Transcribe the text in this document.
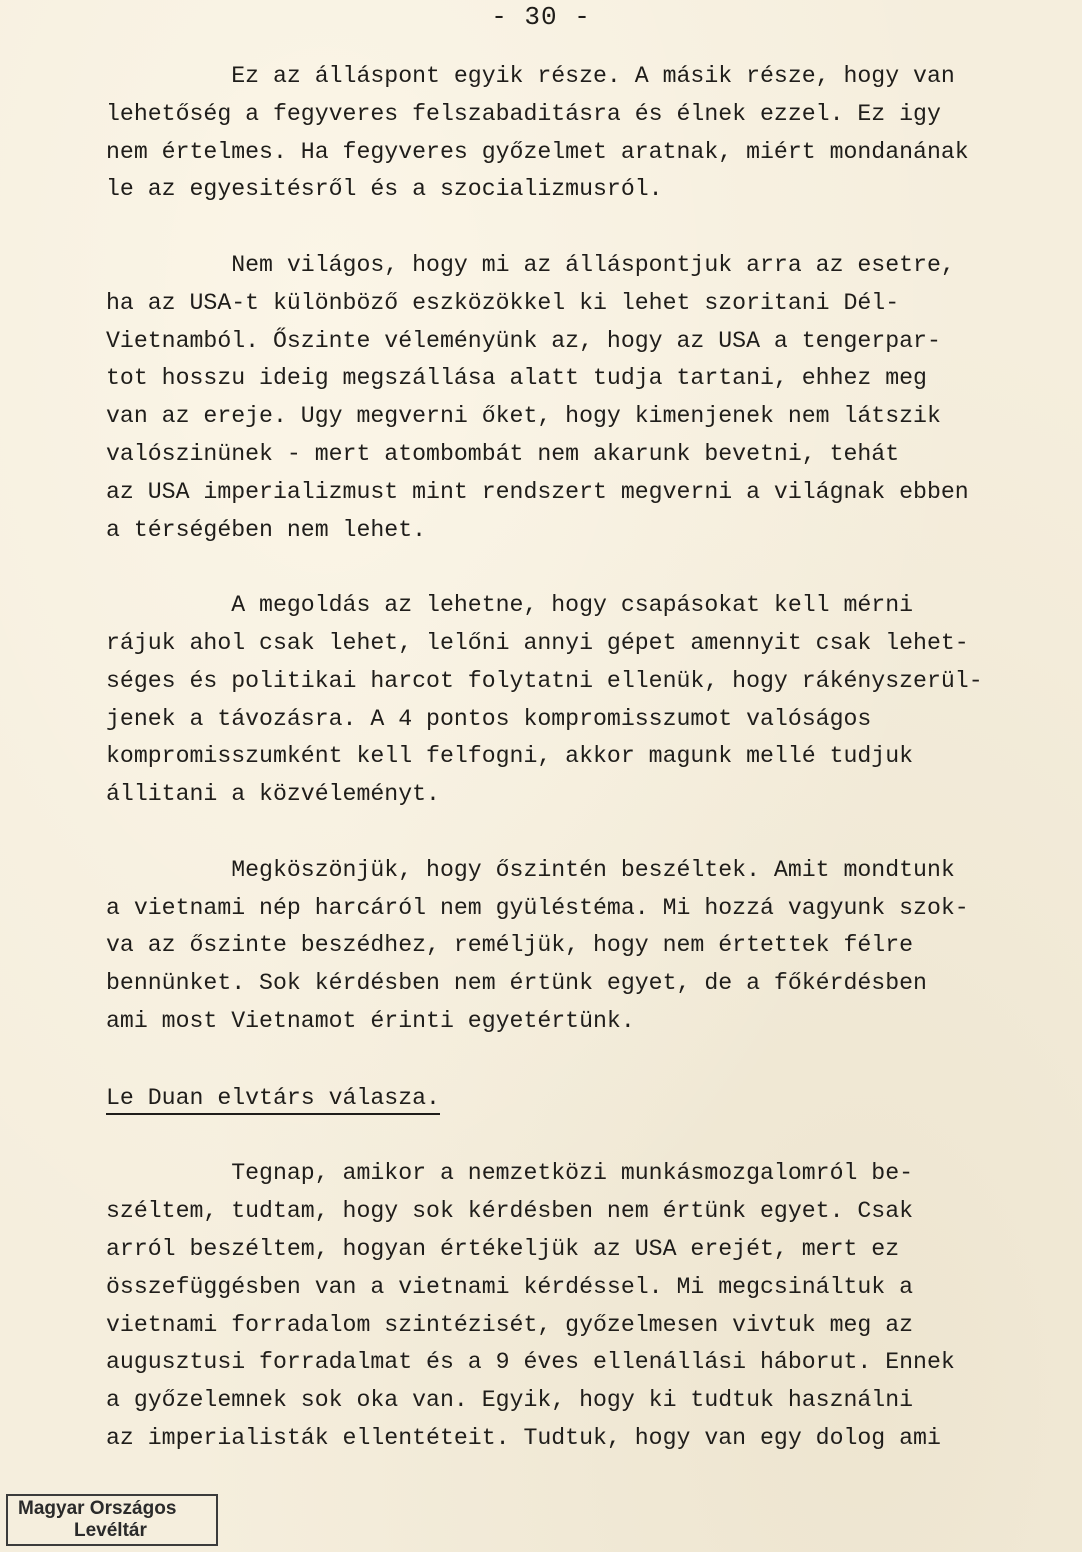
- 30 -
Ez az álláspont egyik része. A másik része, hogy van
lehetőség a fegyveres felszabaditásra és élnek ezzel. Ez igy
nem értelmes. Ha fegyveres győzelmet aratnak, miért mondanának
le az egyesitésről és a szocializmusról.
Nem világos, hogy mi az álláspontjuk arra az esetre,
ha az USA-t különböző eszközökkel ki lehet szoritani Dél-
Vietnamból. Őszinte véleményünk az, hogy az USA a tengerpar-
tot hosszu ideig megszállása alatt tudja tartani, ehhez meg
van az ereje. Ugy megverni őket, hogy kimenjenek nem látszik
valószinünek - mert atombombát nem akarunk bevetni, tehát
az USA imperializmust mint rendszert megverni a világnak ebben
a térségében nem lehet.
A megoldás az lehetne, hogy csapásokat kell mérni
rájuk ahol csak lehet, lelőni annyi gépet amennyit csak lehet-
séges és politikai harcot folytatni ellenük, hogy rákényszerül-
jenek a távozásra. A 4 pontos kompromisszumot valóságos
kompromisszumként kell felfogni, akkor magunk mellé tudjuk
állitani a közvéleményt.
Megköszönjük, hogy őszintén beszéltek. Amit mondtunk
a vietnami nép harcáról nem gyüléstéma. Mi hozzá vagyunk szok-
va az őszinte beszédhez, reméljük, hogy nem értettek félre
bennünket. Sok kérdésben nem értünk egyet, de a főkérdésben
ami most Vietnamot érinti egyetértünk.
Le Duan elvtárs válasza.
Tegnap, amikor a nemzetközi munkásmozgalomról be-
széltem, tudtam, hogy sok kérdésben nem értünk egyet. Csak
arról beszéltem, hogyan értékeljük az USA erejét, mert ez
összefüggésben van a vietnami kérdéssel. Mi megcsináltuk a
vietnami forradalom szintézisét, győzelmesen vivtuk meg az
augusztusi forradalmat és a 9 éves ellenállási háborut. Ennek
a győzelemnek sok oka van. Egyik, hogy ki tudtuk használni
az imperialisták ellentéteit. Tudtuk, hogy van egy dolog ami
Magyar Országos
Levéltár
